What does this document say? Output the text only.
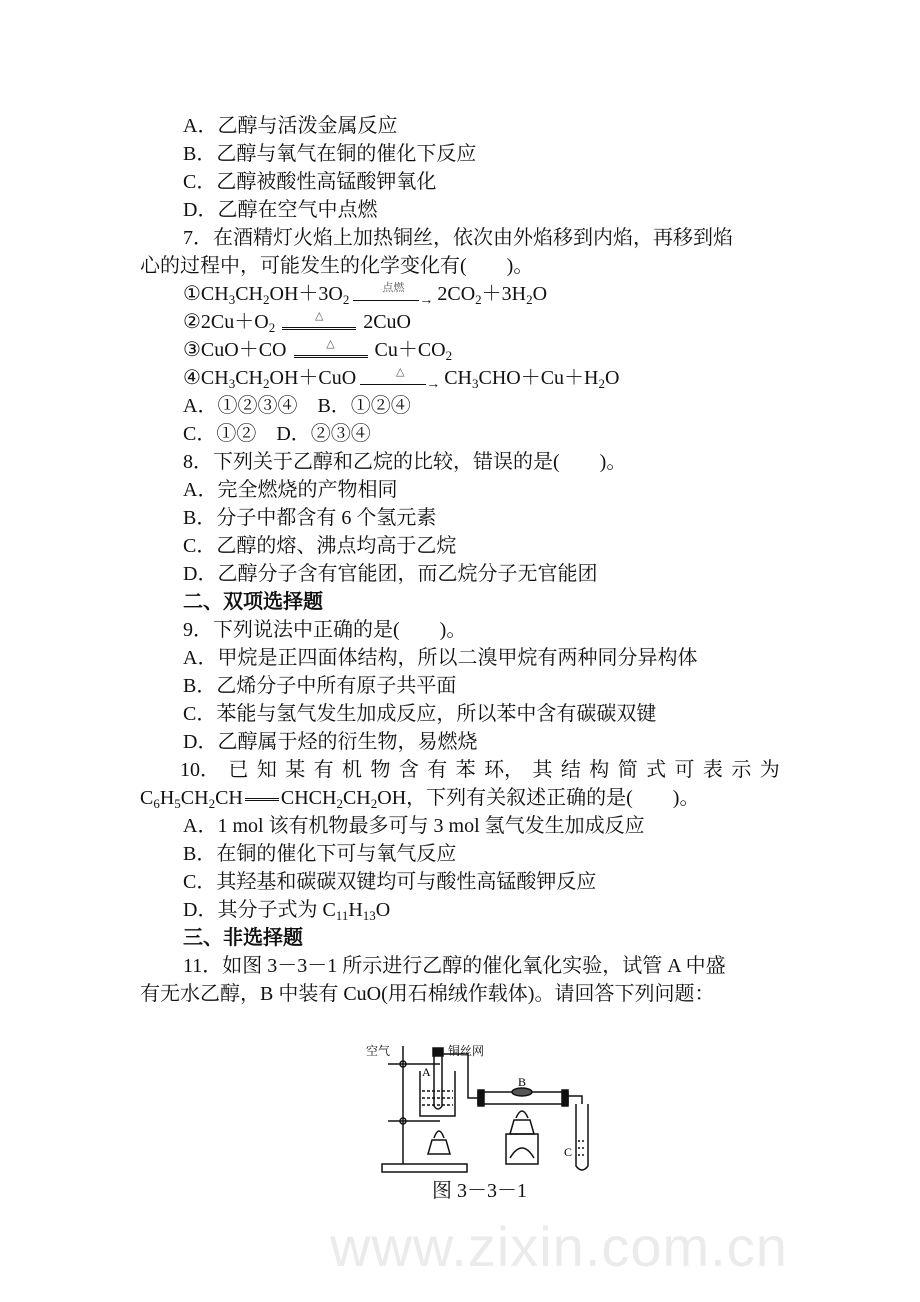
A．乙醇与活泼金属反应
B．乙醇与氧气在铜的催化下反应
C．乙醇被酸性高锰酸钾氧化
D．乙醇在空气中点燃
7．在酒精灯火焰上加热铜丝，依次由外焰移到内焰，再移到焰
心的过程中，可能发生的化学变化有(　　)。
$①CH_3CH_2OH+3O_2$
点燃
→ $2CO_2+3H_2O$
$②2Cu+O_2$
△ 2CuO
③CuO＋CO	△ $Cu+CO_2$
$④CH_3CH_2OH+CuO$	△
→ $CH_3CHO+Cu+H_2O$
A．①②③④　B．①②④
C．①②　D．②③④
8．下列关于乙醇和乙烷的比较，错误的是(　　)。
A．完全燃烧的产物相同
B．分子中都含有 6 个氢元素
C．乙醇的熔、沸点均高于乙烷
D．乙醇分子含有官能团，而乙烷分子无官能团
二、双项选择题
9．下列说法中正确的是(　　)。
A．甲烷是正四面体结构，所以二溴甲烷有两种同分异构体
B．乙烯分子中所有原子共平面
C．苯能与氢气发生加成反应，所以苯中含有碳碳双键
D．乙醇属于烃的衍生物，易燃烧
　　10． 已 知 某 有 机 物 含 有 苯 环， 其 结 构 简 式 可 表 示 为
$C_6H_5CH_2CH$ $CHCH_2CH_2OH$，下列有关叙述正确的是(　　)。
A．1 mol 该有机物最多可与 3 mol 氢气发生加成反应
B．在铜的催化下可与氧气反应
C．其羟基和碳碳双键均可与酸性高锰酸钾反应
D．其分子式为 $C_{11}H_{13}O$
三、非选择题
11．如图 3－3－1 所示进行乙醇的催化氧化实验，试管 A 中盛
有无水乙醇，B 中装有 CuO(用石棉绒作载体)。请回答下列问题：
A
B
C
空气	铜丝网
图 3－3－1
www.zixin.com.cn
